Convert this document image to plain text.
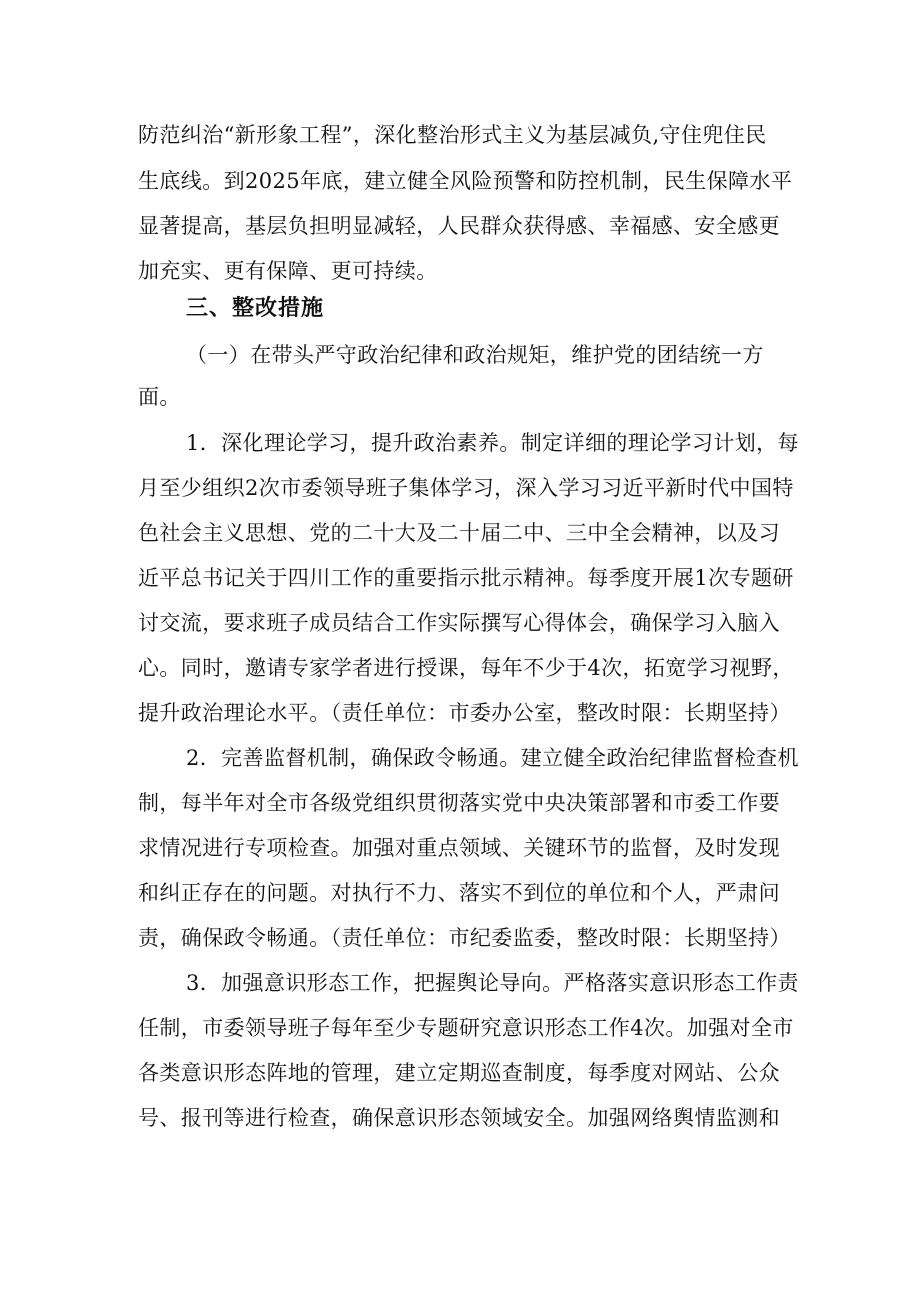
防范纠治“新形象工程”，深化整治形式主义为基层减负,守住兜住民
生底线。到2025年底，建立健全风险预警和防控机制，民生保障水平
显著提高，基层负担明显减轻，人民群众获得感、幸福感、安全感更
加充实、更有保障、更可持续。
三、整改措施
（一）在带头严守政治纪律和政治规矩，维护党的团结统一方
面。
1．深化理论学习，提升政治素养。制定详细的理论学习计划，每
月至少组织2次市委领导班子集体学习，深入学习习近平新时代中国特
色社会主义思想、党的二十大及二十届二中、三中全会精神，以及习
近平总书记关于四川工作的重要指示批示精神。每季度开展1次专题研
讨交流，要求班子成员结合工作实际撰写心得体会，确保学习入脑入
心。同时，邀请专家学者进行授课，每年不少于4次，拓宽学习视野，
提升政治理论水平。（责任单位：市委办公室，整改时限：长期坚持）
2．完善监督机制，确保政令畅通。建立健全政治纪律监督检查机
制，每半年对全市各级党组织贯彻落实党中央决策部署和市委工作要
求情况进行专项检查。加强对重点领域、关键环节的监督，及时发现
和纠正存在的问题。对执行不力、落实不到位的单位和个人，严肃问
责，确保政令畅通。（责任单位：市纪委监委，整改时限：长期坚持）
3．加强意识形态工作，把握舆论导向。严格落实意识形态工作责
任制，市委领导班子每年至少专题研究意识形态工作4次。加强对全市
各类意识形态阵地的管理，建立定期巡查制度，每季度对网站、公众
号、报刊等进行检查，确保意识形态领域安全。加强网络舆情监测和
